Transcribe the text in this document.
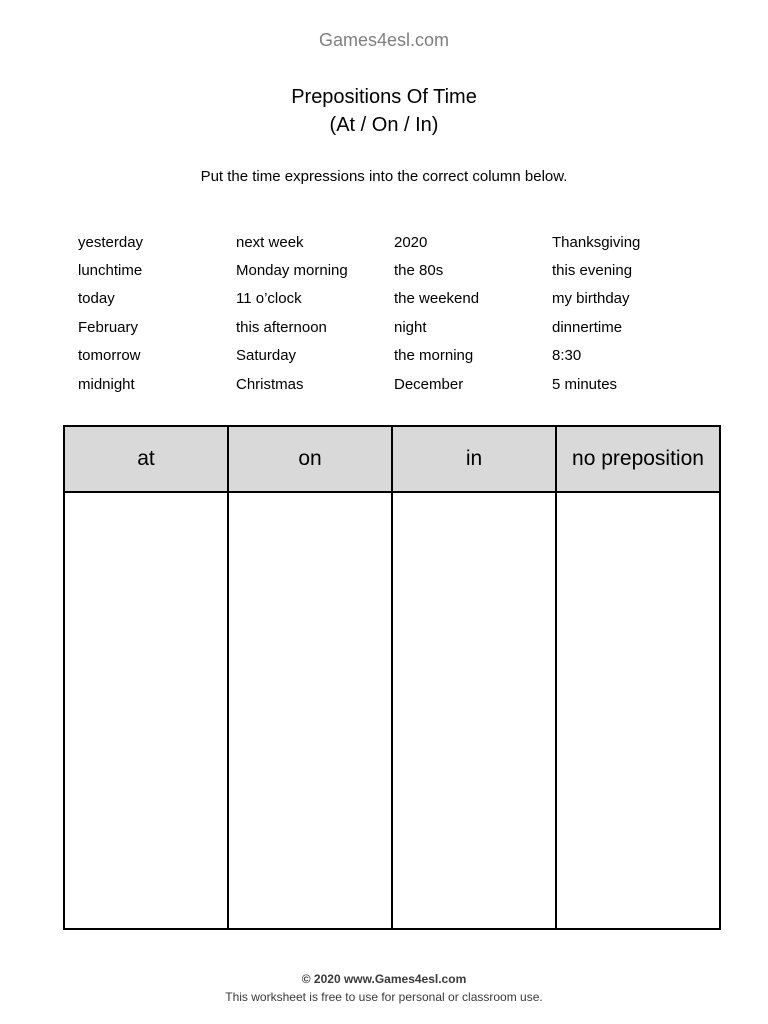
Games4esl.com
Prepositions Of Time
(At / On / In)
Put the time expressions into the correct column below.
yesterday	next week	2020	Thanksgiving
lunchtime	Monday morning	the 80s	this evening
today	11 o’clock	the weekend	my birthday
February	this afternoon	night	dinnertime
tomorrow	Saturday	the morning	8:30
midnight	Christmas	December	5 minutes
at	on	in	no preposition

© 2020 www.Games4esl.com
This worksheet is free to use for personal or classroom use.
